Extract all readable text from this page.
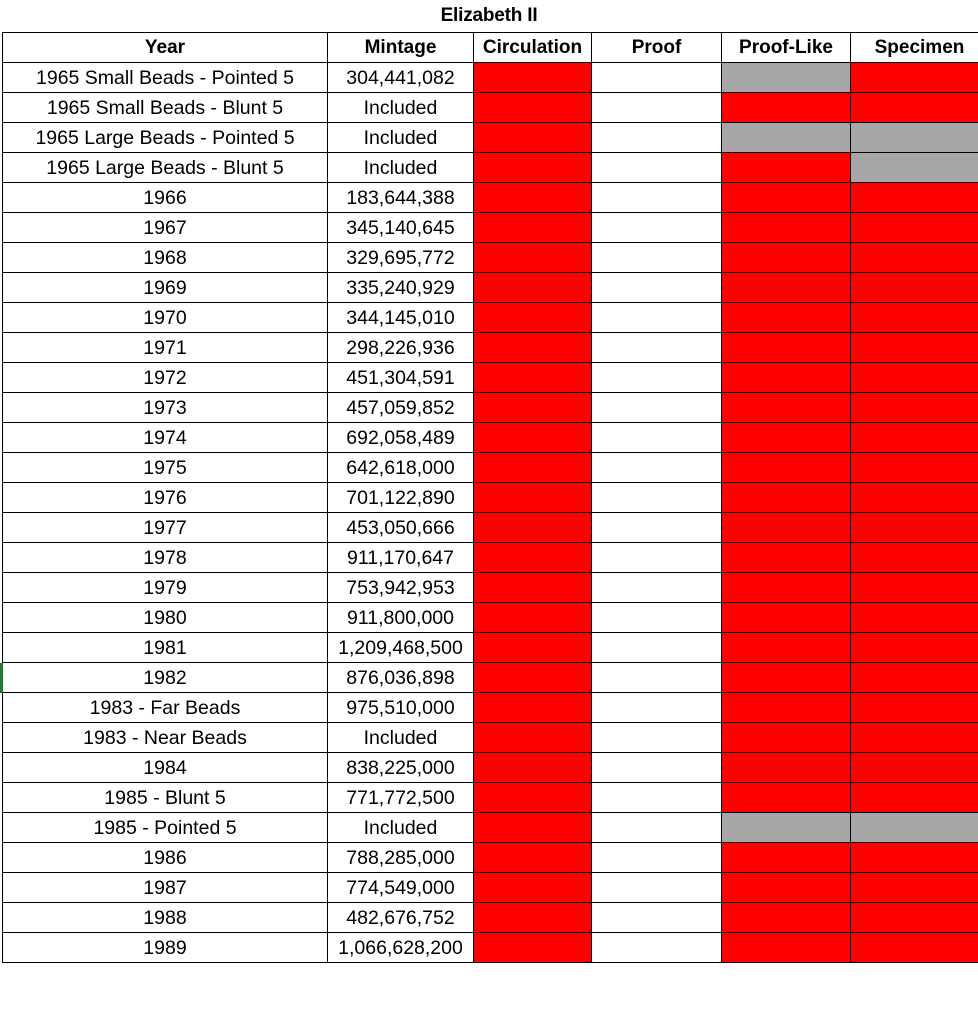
Elizabeth II
Year	Mintage	Circulation	Proof	Proof-Like	Specimen
1965 Small Beads - Pointed 5	304,441,082				
1965 Small Beads - Blunt 5	Included				
1965 Large Beads - Pointed 5	Included				
1965 Large Beads - Blunt 5	Included				
1966	183,644,388				
1967	345,140,645				
1968	329,695,772				
1969	335,240,929				
1970	344,145,010				
1971	298,226,936				
1972	451,304,591				
1973	457,059,852				
1974	692,058,489				
1975	642,618,000				
1976	701,122,890				
1977	453,050,666				
1978	911,170,647				
1979	753,942,953				
1980	911,800,000				
1981	1,209,468,500				
1982	876,036,898				
1983 - Far Beads	975,510,000				
1983 - Near Beads	Included				
1984	838,225,000				
1985 - Blunt 5	771,772,500				
1985 - Pointed 5	Included				
1986	788,285,000				
1987	774,549,000				
1988	482,676,752				
1989	1,066,628,200				
